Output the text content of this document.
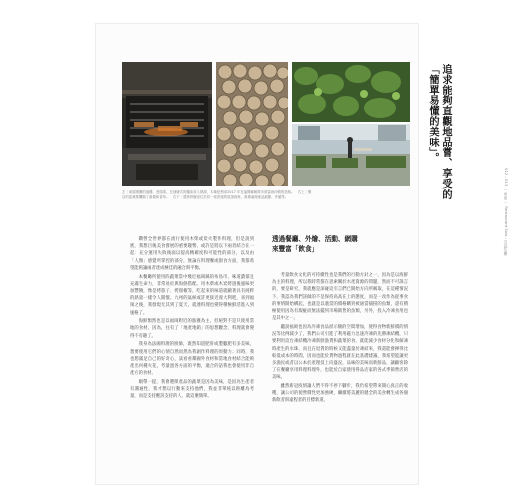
左｜南原國團的風樓、悉瑞果。在抽屜式的爐床放入熱源，木柴是利用2017 年在福岡縣朝岡市被雷雨沖倒的造林。　右上｜搬

自的盆栽推攤隔了新栗和香草。　右下｜農物實驗室位於同一座設施的屋頂庭角，我養處理產品調節、外確等。

鑽營全世界都在流行使用木柴或炭火製作料理，但是說到底，我想目後美食發展的重要趨勢，或許是將以下兩者結合在一起：充分運用失敗後面以提高精確度和可能性的部分，以及由「人類」感覺所掌控的部分，無論在料理餐或甜食方面，我都希望能夠讓兩者達成極佳的融合與平衡。

本餐廳所使用的蔬菜當中幾近福岡縣的糸島市，味道濃郁且充滿生命力，非常易於與海鮮搭配。用木柴或木炭烤過後風味更加豐饒，像是烤茄子、烤甜椒等，吃起來的味道就顯著具有純粹的熱量一樣令人開懷。九州的氣候或許更接近義大利吧，來到福岡之後，我發現尤其到了夏天，就連料理也變得積極鮮活進入到風格了。

海鮮類然也是以福岡附近的漁獲為主，但絕對不是只使用當地的食材，因為，往有了「地產地銷」的思想觀念，料理就會變得不有趣了。

我身為法國料理的廚師，既然知道肥肝或製臘肥有多美味，想要使用它們的心情自然而然為我創作料理的原動力；同時，我也想滿足自己的好奇心，試看看鄰國外食材和當地食材結合能夠產出何種火花，考量過各方面的平衡，適合的話我也會使用非自產方的食材。

順帶一提，我會選擇產品的蔬菜是因為美味，是因為生產者有溝通性，我才想以行動來支持他們，我並非單純以距離為考量，而是支持應該支持的人，就這麼簡單。

透過餐廳、外燴、活動、網購
來豐富「飲食」

考量飲食文化的可持續性也是我們的行動方針之一，因為是以海鮮為主的料理，所以我時常都在思索關於水產資源的問題，然而不可諱言的，要是研究，我就應是深碰這引言們已開始方向所稱取，在這種情況下，我認為我們該做的不是保持高高在上的態度，而是一改作為從事食的事情開始構起，也就是以適當的價格購買被通當捕撈的魚類，還有積極使用因為有瑕疵而無法擺到市場販售的魚類，另外，投入冷凍食用也是其中之一。

聽說福岡也因為冷凍食品淤示額的空間增加，使得食物新鮮價的情況等比例減少了，我們公司引進了利用磁力急速冷凍的先勝凍結機，只要利用這台凍結機冷凍新鮮漁貨和蔬菜的食，就能減少食材分化和解凍時產生的水珠，而且在退貨的時候又能盡量於凍結來，我還能發揮得比較低成本的時間，因而也能於貨物過程就在此基礎建議，我希望能讓更多漁民或者以公本於產理技上向盛況，品味的美味而新鮮品，讓顧客除了在餐廳享用料理料理外，也能於自家使用得品店家的各式季節營店的美味。

雖然新冠疫情讓人們不得不停下腳步，我仍希望帶來開心真正的收穫，讓公司的使營價性更加強硬，繼續將美麗的健全的美食轉生成各個新飲者與遠程者的目標新道。

追求能夠直觀地品嘗、享受的
「簡單易懂的美味」。
012・013 ｜ 甲章 ｜ Restaurant Sola・吉武広樹
